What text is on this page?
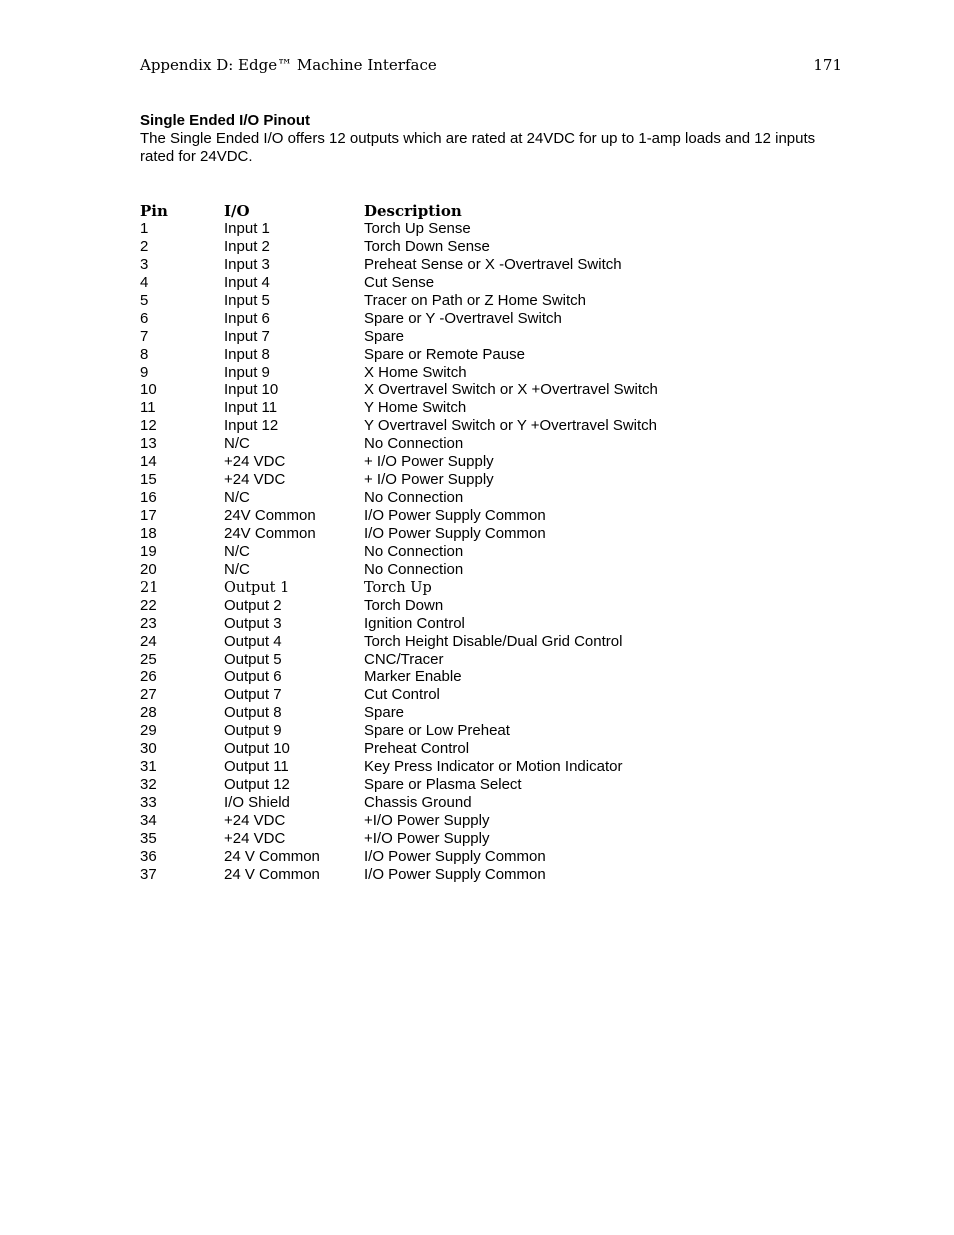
Appendix D: Edge™ Machine Interface	171
Single Ended I/O Pinout
The Single Ended I/O offers 12 outputs which are rated at 24VDC for up to 1-amp loads and 12 inputs rated for 24VDC.
Pin	I/O	Description
1	Input 1	Torch Up Sense
2	Input 2	Torch Down Sense
3	Input 3	Preheat Sense or X -Overtravel Switch
4	Input 4	Cut Sense
5	Input 5	Tracer on Path or Z Home Switch
6	Input 6	Spare or Y -Overtravel Switch
7	Input 7	Spare
8	Input 8	Spare or Remote Pause
9	Input 9	X Home Switch
10	Input 10	X Overtravel Switch or X +Overtravel Switch
11	Input 11	Y Home Switch
12	Input 12	Y Overtravel Switch or Y +Overtravel Switch
13	N/C	No Connection
14	+24 VDC	+ I/O Power Supply
15	+24 VDC	+ I/O Power Supply
16	N/C	No Connection
17	24V Common	I/O Power Supply Common
18	24V Common	I/O Power Supply Common
19	N/C	No Connection
20	N/C	No Connection
21	Output 1	Torch Up
22	Output 2	Torch Down
23	Output 3	Ignition Control
24	Output 4	Torch Height Disable/Dual Grid Control
25	Output 5	CNC/Tracer
26	Output 6	Marker Enable
27	Output 7	Cut Control
28	Output 8	Spare
29	Output 9	Spare or Low Preheat
30	Output 10	Preheat Control
31	Output 11	Key Press Indicator or Motion Indicator
32	Output 12	Spare or Plasma Select
33	I/O Shield	Chassis Ground
34	+24 VDC	+I/O Power Supply
35	+24 VDC	+I/O Power Supply
36	24 V Common	I/O Power Supply Common
37	24 V Common	I/O Power Supply Common
